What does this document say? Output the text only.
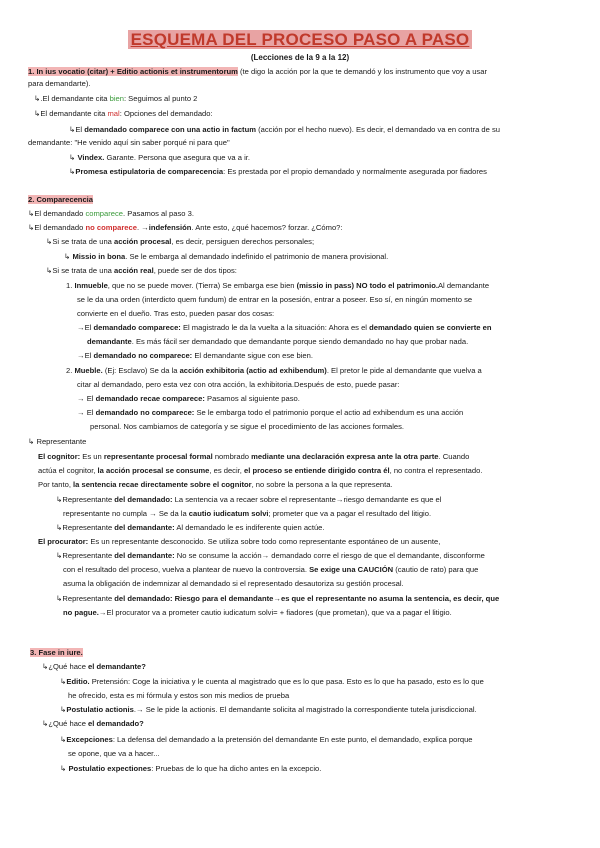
ESQUEMA DEL PROCESO PASO A PASO
(Lecciones de la 9 a la 12)
1. In ius vocatio (citar) + Editio actionis et instrumentorum (te digo la acción por la que te demandó y los instrumento que voy a usar
para demandarte).
↳.El demandante cita bien: Seguimos al punto 2
↳El demandante cita mal: Opciones del demandado:
↳El demandado comparece con una actio in factum (acción por el hecho nuevo). Es decir, el demandado va en contra de su
demandante: "He venido aquí sin saber porqué ni para que"
↳ Vindex. Garante. Persona que asegura que va a ir.
↳Promesa estipulatoria de comparecencia: Es prestada por el propio demandado y normalmente asegurada por fiadores
2. Comparecencia
↳El demandado comparece. Pasamos al paso 3.
↳El demandado no comparece. →indefensión. Ante esto, ¿qué hacemos? forzar. ¿Cómo?:
↳Si se trata de una acción procesal, es decir, persiguen derechos personales;
↳ Missio in bona. Se le embarga al demandado indefinido el patrimonio de manera provisional.
↳Si se trata de una acción real, puede ser de dos tipos:
1. Inmueble, que no se puede mover. (Tierra) Se embarga ese bien (missio in pass) NO todo el patrimonio.Al demandante
se le da una orden (interdicto quem fundum) de entrar en la posesión, entrar a poseer. Eso sí, en ningún momento se
convierte en el dueño. Tras esto, pueden pasar dos cosas:
→El demandado comparece: El magistrado le da la vuelta a la situación: Ahora es el demandado quien se convierte en
demandante. Es más fácil ser demandado que demandante porque siendo demandado no hay que probar nada.
→El demandado no comparece: El demandante sigue con ese bien.
2. Mueble. (Ej: Esclavo) Se da la acción exhibitoria (actio ad exhibendum). El pretor le pide al demandante que vuelva a
citar al demandado, pero esta vez con otra acción, la exhibitoria.Después de esto, puede pasar:
→ El demandado recae comparece: Pasamos al siguiente paso.
→ El demandado no comparece: Se le embarga todo el patrimonio porque el actio ad exhibendum es una acción
personal. Nos cambiamos de categoría y se sigue el procedimiento de las acciones formales.
↳ Representante
El cognitor: Es un representante procesal formal nombrado mediante una declaración expresa ante la otra parte. Cuando
actúa el cognitor, la acción procesal se consume, es decir, el proceso se entiende dirigido contra él, no contra el representado.
Por tanto, la sentencia recae directamente sobre el cognitor, no sobre la persona a la que representa.
↳Representante del demandado: La sentencia va a recaer sobre el representante→riesgo demandante es que el
representante no cumpla → Se da la cautio iudicatum solvi; prometer que va a pagar el resultado del litigio.
↳Representante del demandante: Al demandado le es indiferente quien actúe.
El procurator: Es un representante desconocido. Se utiliza sobre todo como representante espontáneo de un ausente,
↳Representante del demandante: No se consume la acción→ demandado corre el riesgo de que el demandante, disconforme
con el resultado del proceso, vuelva a plantear de nuevo la controversia. Se exige una CAUCIÓN (cautio de rato) para que
asuma la obligación de indemnizar al demandado si el representado desautoriza su gestión procesal.
↳Representante del demandado: Riesgo para el demandante→es que el representante no asuma la sentencia, es decir, que
no pague.→El procurator va a prometer cautio iudicatum solvi= + fiadores (que prometan), que va a pagar el litigio.
3. Fase in iure.
↳¿Qué hace el demandante?
↳Editio. Pretensión: Coge la iniciativa y le cuenta al magistrado que es lo que pasa. Esto es lo que ha pasado, esto es lo que
he ofrecido, esta es mi fórmula y estos son mis medios de prueba
↳Postulatio actionis.→ Se le pide la actionis. El demandante solicita al magistrado la correspondiente tutela jurisdiccional.
↳¿Qué hace el demandado?
↳Excepciones: La defensa del demandado a la pretensión del demandante En este punto, el demandado, explica porque
se opone, que va a hacer...
↳ Postulatio expectiones: Pruebas de lo que ha dicho antes en la excepcio.
